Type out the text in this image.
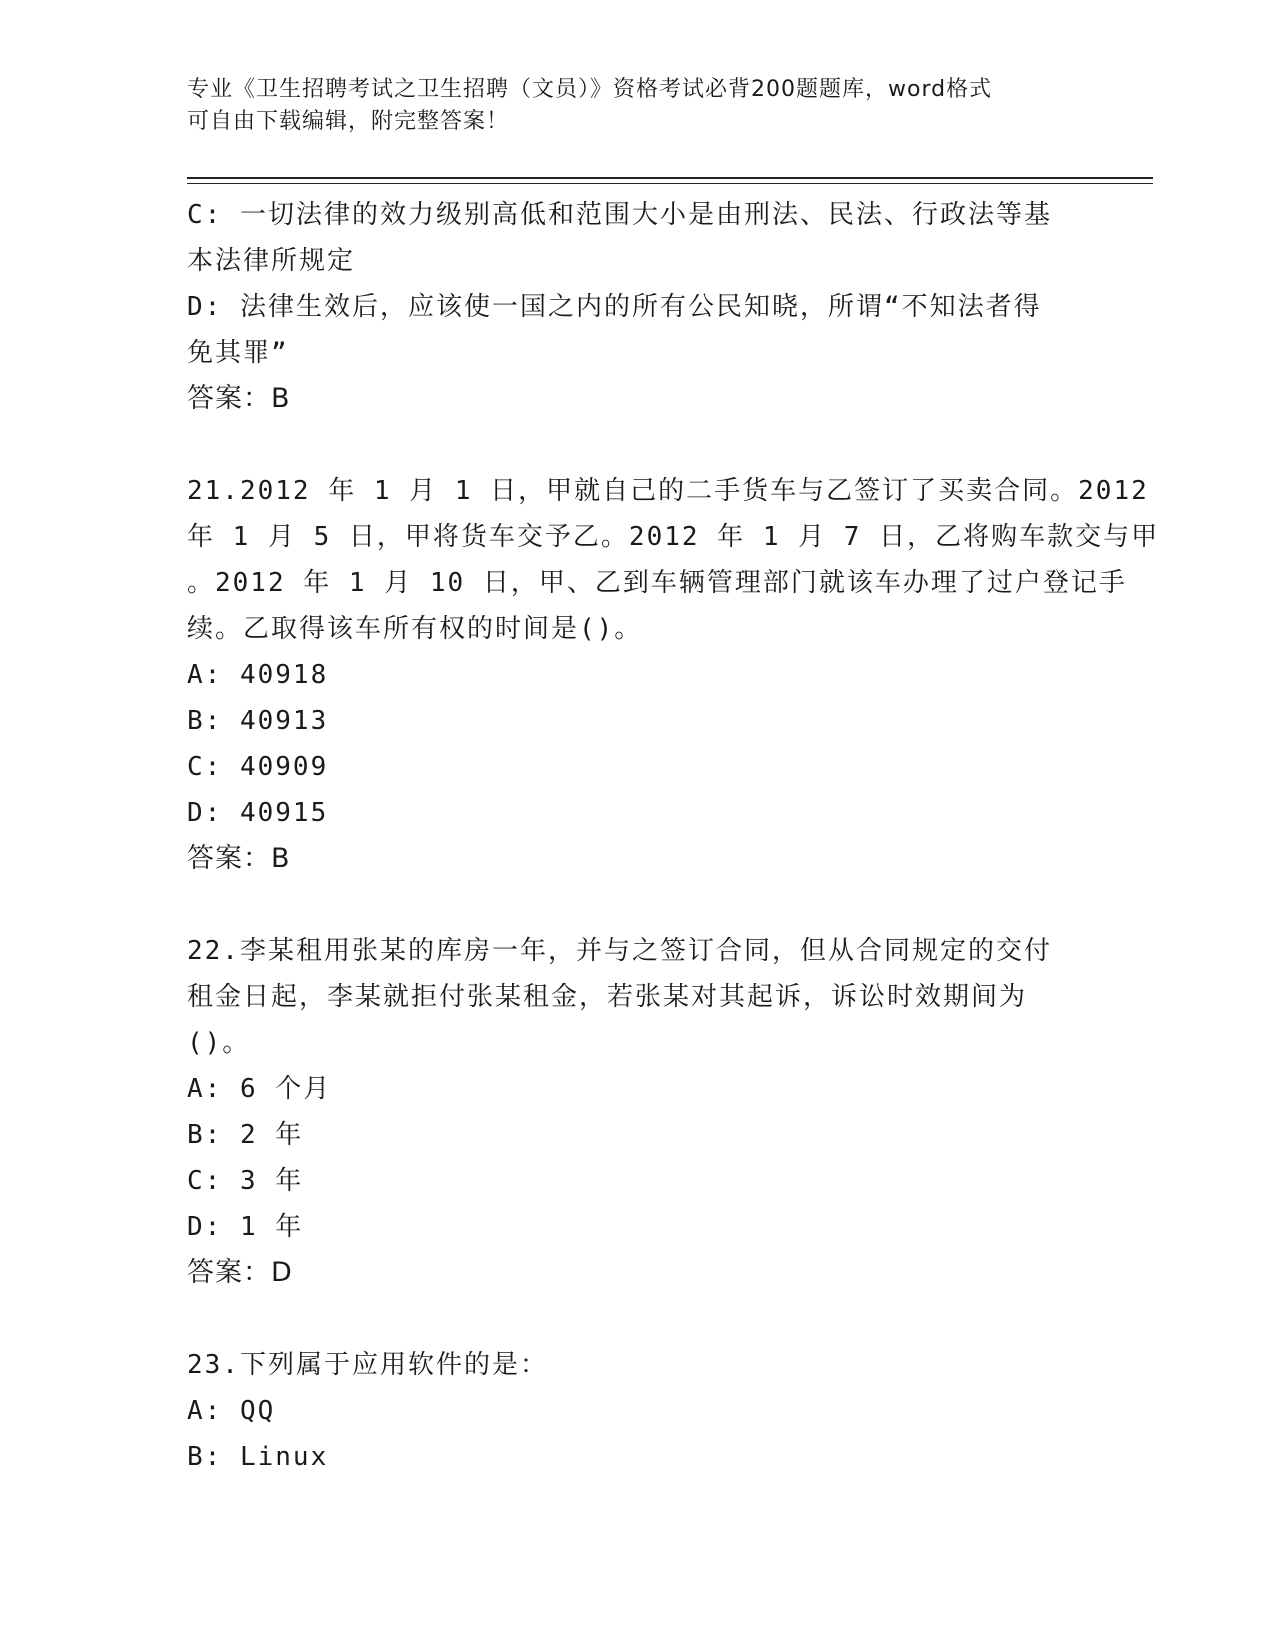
专业《卫生招聘考试之卫生招聘（文员）》资格考试必背200题题库，word格式
可自由下载编辑，附完整答案！
C: 一切法律的效力级别高低和范围大小是由刑法、民法、行政法等基
本法律所规定
D: 法律生效后，应该使一国之内的所有公民知晓，所谓“不知法者得
免其罪”
答案：B
21.2012 年 1 月 1 日，甲就自己的二手货车与乙签订了买卖合同。2012
年 1 月 5 日，甲将货车交予乙。2012 年 1 月 7 日，乙将购车款交与甲
。2012 年 1 月 10 日，甲、乙到车辆管理部门就该车办理了过户登记手
续。乙取得该车所有权的时间是()。
A: 40918
B: 40913
C: 40909
D: 40915
答案：B
22.李某租用张某的库房一年，并与之签订合同，但从合同规定的交付
租金日起，李某就拒付张某租金，若张某对其起诉，诉讼时效期间为
()。
A: 6 个月
B: 2 年
C: 3 年
D: 1 年
答案：D
23.下列属于应用软件的是：
A: QQ
B: Linux
